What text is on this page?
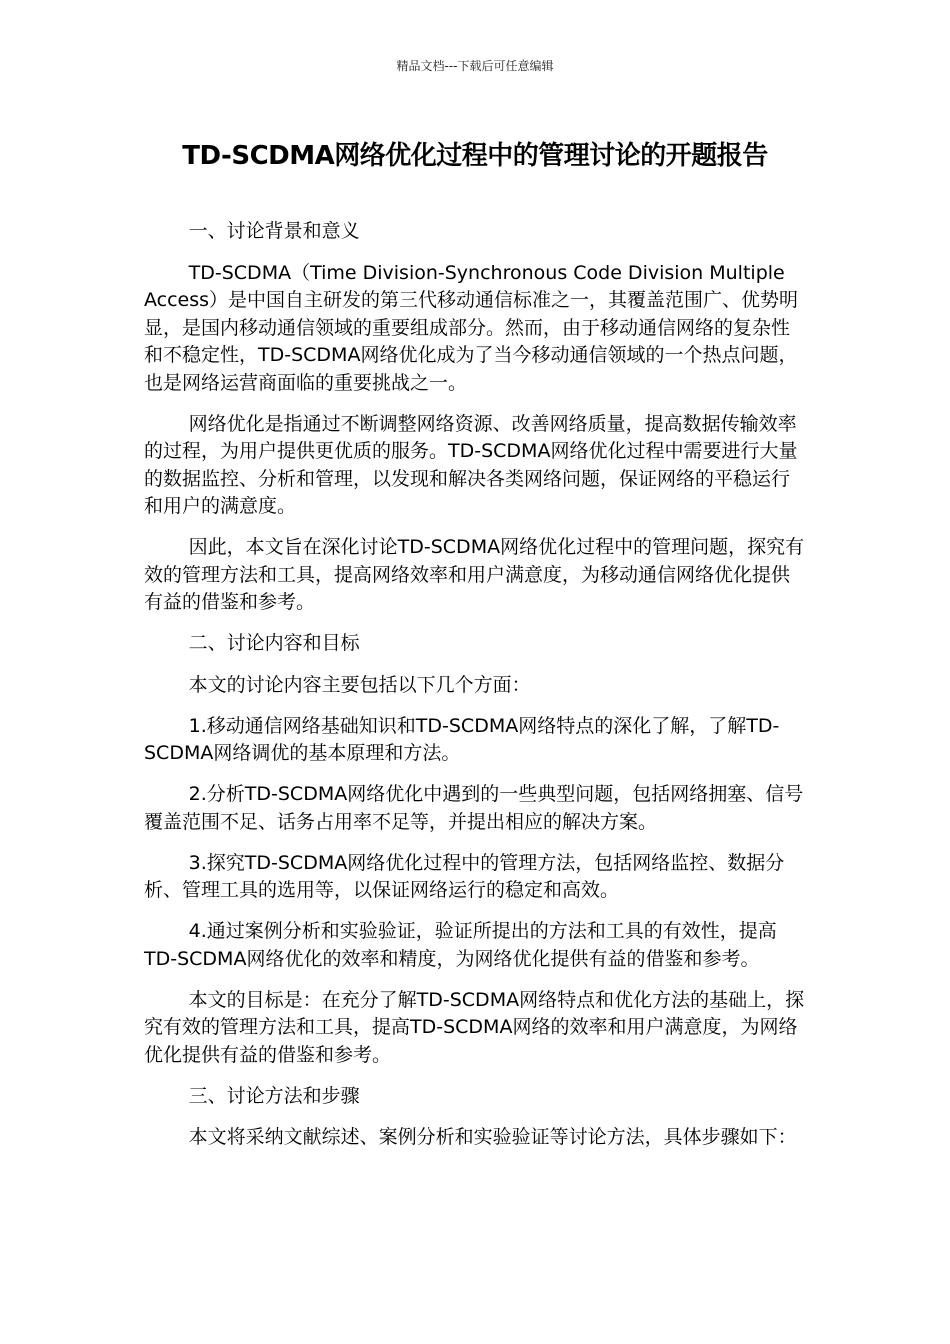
精品文档---下载后可任意编辑
TD-SCDMA网络优化过程中的管理讨论的开题报告

一、讨论背景和意义

TD-SCDMA（Time Division-Synchronous Code Division Multiple Access）是中国自主研发的第三代移动通信标准之一，其覆盖范围广、优势明显，是国内移动通信领域的重要组成部分。然而，由于移动通信网络的复杂性和不稳定性，TD-SCDMA网络优化成为了当今移动通信领域的一个热点问题，也是网络运营商面临的重要挑战之一。

网络优化是指通过不断调整网络资源、改善网络质量，提高数据传输效率的过程，为用户提供更优质的服务。TD-SCDMA网络优化过程中需要进行大量的数据监控、分析和管理，以发现和解决各类网络问题，保证网络的平稳运行和用户的满意度。

因此，本文旨在深化讨论TD-SCDMA网络优化过程中的管理问题，探究有效的管理方法和工具，提高网络效率和用户满意度，为移动通信网络优化提供有益的借鉴和参考。

二、讨论内容和目标

本文的讨论内容主要包括以下几个方面：

1.移动通信网络基础知识和TD-SCDMA网络特点的深化了解，了解TD-SCDMA网络调优的基本原理和方法。

2.分析TD-SCDMA网络优化中遇到的一些典型问题，包括网络拥塞、信号覆盖范围不足、话务占用率不足等，并提出相应的解决方案。

3.探究TD-SCDMA网络优化过程中的管理方法，包括网络监控、数据分析、管理工具的选用等，以保证网络运行的稳定和高效。

4.通过案例分析和实验验证，验证所提出的方法和工具的有效性，提高TD-SCDMA网络优化的效率和精度，为网络优化提供有益的借鉴和参考。

本文的目标是：在充分了解TD-SCDMA网络特点和优化方法的基础上，探究有效的管理方法和工具，提高TD-SCDMA网络的效率和用户满意度，为网络优化提供有益的借鉴和参考。

三、讨论方法和步骤

本文将采纳文献综述、案例分析和实验验证等讨论方法，具体步骤如下：
